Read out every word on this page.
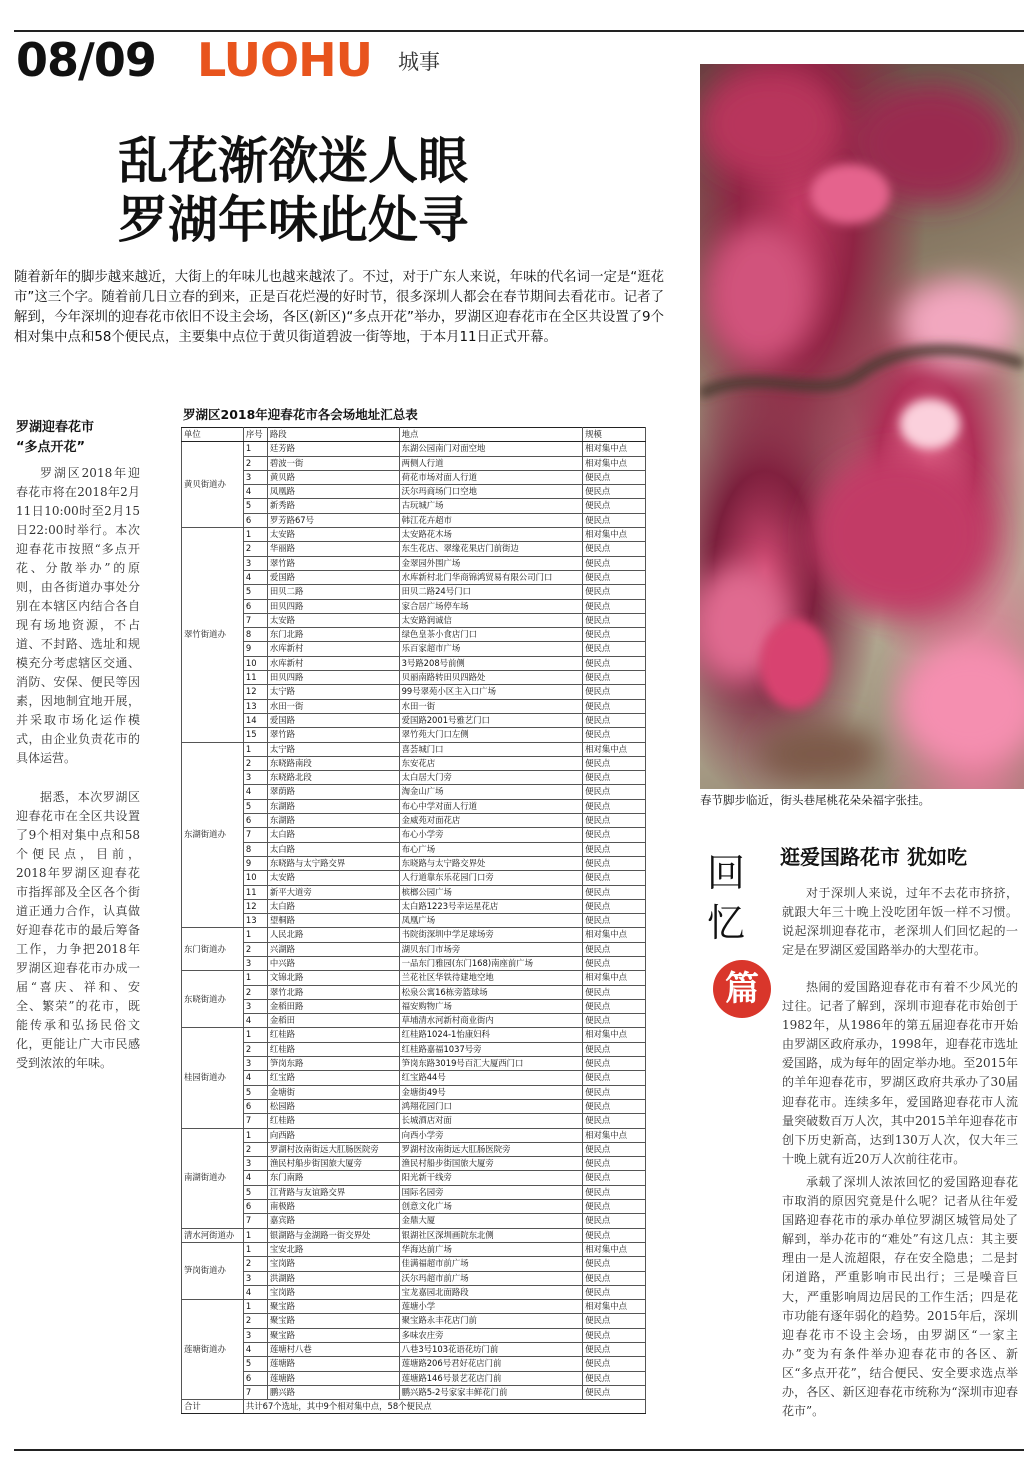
08/09 LUOHU 城事
乱花渐欲迷人眼
罗湖年味此处寻
随着新年的脚步越来越近，大街上的年味儿也越来越浓了。不过，对于广东人来说，年味的代名词一定是“逛花市”这三个字。随着前几日立春的到来，正是百花烂漫的好时节，很多深圳人都会在春节期间去看花市。记者了解到，今年深圳的迎春花市依旧不设主会场，各区(新区)“多点开花”举办，罗湖区迎春花市在全区共设置了9个相对集中点和58个便民点，主要集中点位于黄贝街道碧波一街等地，于本月11日正式开幕。
罗湖迎春花市
“多点开花”
罗湖区2018年迎春花市将在2018年2月11日10:00时至2月15日22:00时举行。本次迎春花市按照“多点开花、分散举办”的原则，由各街道办事处分别在本辖区内结合各自现有场地资源，不占道、不封路、选址和规模充分考虑辖区交通、消防、安保、便民等因素，因地制宜地开展，并采取市场化运作模式，由企业负责花市的具体运营。
据悉，本次罗湖区迎春花市在全区共设置了9个相对集中点和58个便民点，目前，2018年罗湖区迎春花市指挥部及全区各个街道正通力合作，认真做好迎春花市的最后筹备工作，力争把2018年罗湖区迎春花市办成一届“喜庆、祥和、安全、繁荣”的花市，既能传承和弘扬民俗文化，更能让广大市民感受到浓浓的年味。
罗湖区2018年迎春花市各会场地址汇总表
单位	序号	路段	地点	规模
黄贝街道办	1	廷芳路	东湖公园南门对面空地	相对集中点
	2	碧波一街	两侧人行道	相对集中点
	3	黄贝路	荷花市场对面人行道	便民点
	4	凤凰路	沃尔玛商场门口空地	便民点
	5	新秀路	古玩城广场	便民点
	6	罗芳路67号	韩江花卉超市	便民点
翠竹街道办	1	太安路	太安路花木场	相对集中点
	2	华丽路	东生花店、翠缘花果店门前街边	便民点
	3	翠竹路	金翠园外围广场	便民点
	4	爱国路	水库新村北门华商锦鸿贸易有限公司门口	便民点
	5	田贝二路	田贝二路24号门口	便民点
	6	田贝四路	家合居广场停车场	便民点
	7	太安路	太安路润诚信	便民点
	8	东门北路	绿色皇茶小食店门口	便民点
	9	水库新村	乐百家超市广场	便民点
	10	水库新村	3号路208号前侧	便民点
	11	田贝四路	贝丽南路转田贝四路处	便民点
	12	太宁路	99号翠苑小区主入口广场	便民点
	13	水田一街	水田一街	便民点
	14	爱国路	爱国路2001号雅艺门口	便民点
	15	翠竹路	翠竹苑大门口左侧	便民点
东湖街道办	1	太宁路	喜荟城门口	相对集中点
	2	东晓路南段	东安花店	便民点
	3	东晓路北段	太白居大门旁	便民点
	4	翠荫路	淘金山广场	便民点
	5	东湖路	布心中学对面人行道	便民点
	6	东湖路	金威苑对面花店	便民点
	7	太白路	布心小学旁	便民点
	8	太白路	布心广场	便民点
	9	东晓路与太宁路交界	东晓路与太宁路交界处	便民点
	10	太安路	人行道靠东乐花园门口旁	便民点
	11	新平大道旁	槟榔公园广场	便民点
	12	太白路	太白路1223号幸运星花店	便民点
	13	望桐路	凤凰广场	便民点
东门街道办	1	人民北路	书院街深圳中学足球场旁	相对集中点
	2	兴湖路	湖贝东门市场旁	便民点
	3	中兴路	一品东门雅园(东门168)南座前广场	便民点
东晓街道办	1	文锦北路	兰花社区华铁待建地空地	相对集中点
	2	翠竹北路	松泉公寓16栋旁篮球场	便民点
	3	金稻田路	福安购物广场	便民点
	4	金稻田	草埔清水河新村商业街内	便民点
桂园街道办	1	红桂路	红桂路1024-1怡康妇科	相对集中点
	2	红桂路	红桂路嘉福1037号旁	便民点
	3	笋岗东路	笋岗东路3019号百汇大厦西门口	便民点
	4	红宝路	红宝路44号	便民点
	5	金塘街	金塘街49号	便民点
	6	松园路	鸿翔花园门口	便民点
	7	红桂路	长城酒店对面	便民点
南湖街道办	1	向西路	向西小学旁	相对集中点
	2	罗湖村汝南街远大肛肠医院旁	罗湖村汝南街远大肛肠医院旁	便民点
	3	渔民村船步街国旅大厦旁	渔民村船步街国旅大厦旁	便民点
	4	东门南路	阳光新干线旁	便民点
	5	江背路与友谊路交界	国际名园旁	便民点
	6	南极路	创意文化广场	便民点
	7	嘉宾路	金鼎大厦	便民点
清水河街道办	1	银湖路与金湖路一街交界处	银湖社区深圳画院东北侧	便民点
笋岗街道办	1	宝安北路	华海达前广场	相对集中点
	2	宝岗路	佳满福超市前广场	便民点
	3	洪湖路	沃尔玛超市前广场	便民点
	4	宝岗路	宝龙嘉园北面路段	便民点
莲塘街道办	1	聚宝路	莲塘小学	相对集中点
	2	聚宝路	聚宝路永丰花店门前	便民点
	3	聚宝路	多味农庄旁	便民点
	4	莲塘村八巷	八巷3号103花语花坊门前	便民点
	5	莲塘路	莲塘路206号君好花店门前	便民点
	6	莲塘路	莲塘路146号景艺花店门前	便民点
	7	鹏兴路	鹏兴路5-2号家家丰鲜花门前	便民点
合计	共计67个选址，其中9个相对集中点，58个便民点			
春节脚步临近，街头巷尾桃花朵朵福字张挂。
回
忆
篇
逛爱国路花市 犹如吃
对于深圳人来说，过年不去花市挤挤，就跟大年三十晚上没吃团年饭一样不习惯。说起深圳迎春花市，老深圳人们回忆起的一定是在罗湖区爱国路举办的大型花市。
热闹的爱国路迎春花市有着不少风光的过往。记者了解到，深圳市迎春花市始创于1982年，从1986年的第五届迎春花市开始由罗湖区政府承办，1998年，迎春花市选址爱国路，成为每年的固定举办地。至2015年的羊年迎春花市，罗湖区政府共承办了30届迎春花市。连续多年，爱国路迎春花市人流量突破数百万人次，其中2015羊年迎春花市创下历史新高，达到130万人次，仅大年三十晚上就有近20万人次前往花市。
承载了深圳人浓浓回忆的爱国路迎春花市取消的原因究竟是什么呢？记者从往年爱国路迎春花市的承办单位罗湖区城管局处了解到，举办花市的“难处”有这几点：其主要理由一是人流超限，存在安全隐患；二是封闭道路，严重影响市民出行；三是噪音巨大，严重影响周边居民的工作生活；四是花市功能有逐年弱化的趋势。2015年后，深圳迎春花市不设主会场，由罗湖区“一家主办”变为有条件举办迎春花市的各区、新区“多点开花”，结合便民、安全要求选点举办，各区、新区迎春花市统称为“深圳市迎春花市”。
